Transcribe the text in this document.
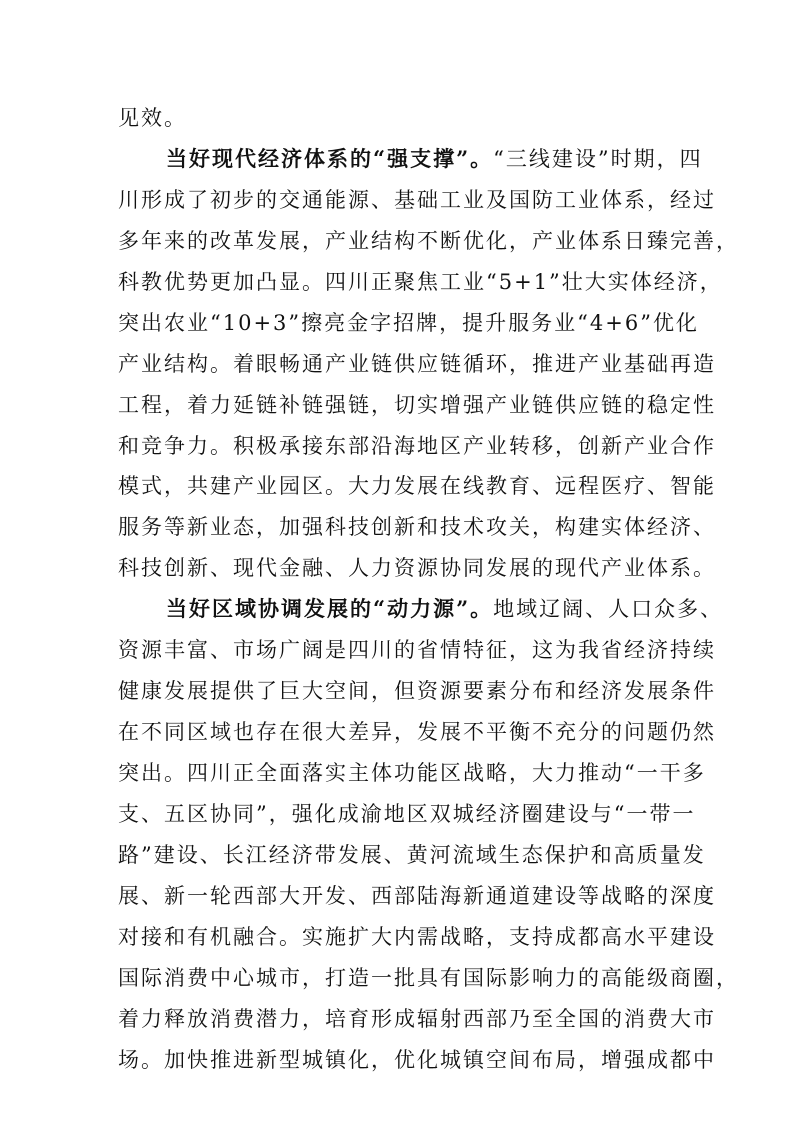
见效。
当好现代经济体系的“强支撑”。“三线建设”时期，四
川形成了初步的交通能源、基础工业及国防工业体系，经过
多年来的改革发展，产业结构不断优化，产业体系日臻完善，
科教优势更加凸显。四川正聚焦工业“5+1”壮大实体经济，
突出农业“10+3”擦亮金字招牌，提升服务业“4+6”优化
产业结构。着眼畅通产业链供应链循环，推进产业基础再造
工程，着力延链补链强链，切实增强产业链供应链的稳定性
和竞争力。积极承接东部沿海地区产业转移，创新产业合作
模式，共建产业园区。大力发展在线教育、远程医疗、智能
服务等新业态，加强科技创新和技术攻关，构建实体经济、
科技创新、现代金融、人力资源协同发展的现代产业体系。
当好区域协调发展的“动力源”。地域辽阔、人口众多、
资源丰富、市场广阔是四川的省情特征，这为我省经济持续
健康发展提供了巨大空间，但资源要素分布和经济发展条件
在不同区域也存在很大差异，发展不平衡不充分的问题仍然
突出。四川正全面落实主体功能区战略，大力推动“一干多
支、五区协同”，强化成渝地区双城经济圈建设与“一带一
路”建设、长江经济带发展、黄河流域生态保护和高质量发
展、新一轮西部大开发、西部陆海新通道建设等战略的深度
对接和有机融合。实施扩大内需战略，支持成都高水平建设
国际消费中心城市，打造一批具有国际影响力的高能级商圈，
着力释放消费潜力，培育形成辐射西部乃至全国的消费大市
场。加快推进新型城镇化，优化城镇空间布局，增强成都中
